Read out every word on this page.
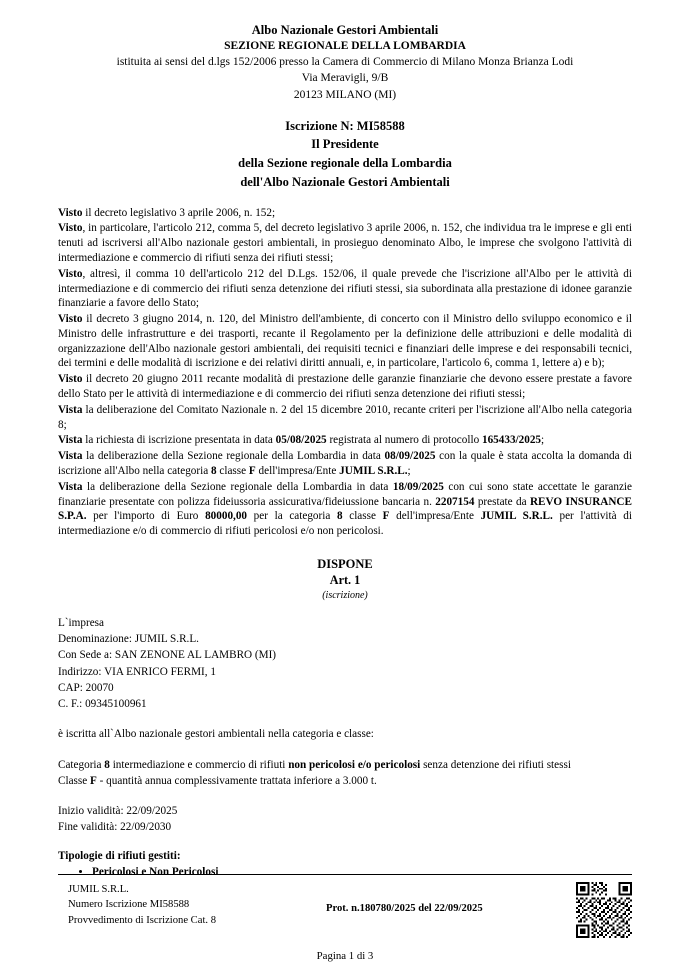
Albo Nazionale Gestori Ambientali
SEZIONE REGIONALE DELLA LOMBARDIA
istituita ai sensi del d.lgs 152/2006 presso la Camera di Commercio di Milano Monza Brianza Lodi
Via Meravigli, 9/B
20123 MILANO (MI)
Iscrizione N: MI58588
Il Presidente
della Sezione regionale della Lombardia
dell'Albo Nazionale Gestori Ambientali
Visto il decreto legislativo 3 aprile 2006, n. 152;
Visto, in particolare, l'articolo 212, comma 5, del decreto legislativo 3 aprile 2006, n. 152, che individua tra le imprese e gli enti tenuti ad iscriversi all'Albo nazionale gestori ambientali, in prosieguo denominato Albo, le imprese che svolgono l'attività di intermediazione e commercio di rifiuti senza dei rifiuti stessi;
Visto, altresì, il comma 10 dell'articolo 212 del D.Lgs. 152/06, il quale prevede che l'iscrizione all'Albo per le attività di intermediazione e di commercio dei rifiuti senza detenzione dei rifiuti stessi, sia subordinata alla prestazione di idonee garanzie finanziarie a favore dello Stato;
Visto il decreto 3 giugno 2014, n. 120, del Ministro dell'ambiente, di concerto con il Ministro dello sviluppo economico e il Ministro delle infrastrutture e dei trasporti, recante il Regolamento per la definizione delle attribuzioni e delle modalità di organizzazione dell'Albo nazionale gestori ambientali, dei requisiti tecnici e finanziari delle imprese e dei responsabili tecnici, dei termini e delle modalità di iscrizione e dei relativi diritti annuali, e, in particolare, l'articolo 6, comma 1, lettere a) e b);
Visto il decreto 20 giugno 2011 recante modalità di prestazione delle garanzie finanziarie che devono essere prestate a favore dello Stato per le attività di intermediazione e di commercio dei rifiuti senza detenzione dei rifiuti stessi;
Vista la deliberazione del Comitato Nazionale n. 2 del 15 dicembre 2010, recante criteri per l'iscrizione all'Albo nella categoria 8;
Vista la richiesta di iscrizione presentata in data 05/08/2025 registrata al numero di protocollo 165433/2025;
Vista la deliberazione della Sezione regionale della Lombardia in data 08/09/2025 con la quale è stata accolta la domanda di iscrizione all'Albo nella categoria 8 classe F dell'impresa/Ente JUMIL S.R.L.;
Vista la deliberazione della Sezione regionale della Lombardia in data 18/09/2025 con cui sono state accettate le garanzie finanziarie presentate con polizza fideiussoria assicurativa/fideiussione bancaria n. 2207154 prestate da REVO INSURANCE S.P.A. per l'importo di Euro 80000,00 per la categoria 8 classe F dell'impresa/Ente JUMIL S.R.L. per l'attività di intermediazione e/o di commercio di rifiuti pericolosi e/o non pericolosi.
DISPONE
Art. 1
(iscrizione)
L`impresa
Denominazione: JUMIL S.R.L.
Con Sede a: SAN ZENONE AL LAMBRO (MI)
Indirizzo: VIA ENRICO FERMI, 1
CAP: 20070
C. F.: 09345100961
è iscritta all`Albo nazionale gestori ambientali nella categoria e classe:
Categoria 8 intermediazione e commercio di rifiuti non pericolosi e/o pericolosi senza detenzione dei rifiuti stessi
Classe F - quantità annua complessivamente trattata inferiore a 3.000 t.
Inizio validità: 22/09/2025
Fine validità: 22/09/2030
Tipologie di rifiuti gestiti:
• Pericolosi e Non Pericolosi
JUMIL S.R.L.
Numero Iscrizione MI58588
Provvedimento di Iscrizione Cat. 8
Prot. n.180780/2025 del 22/09/2025
Pagina 1 di 3
